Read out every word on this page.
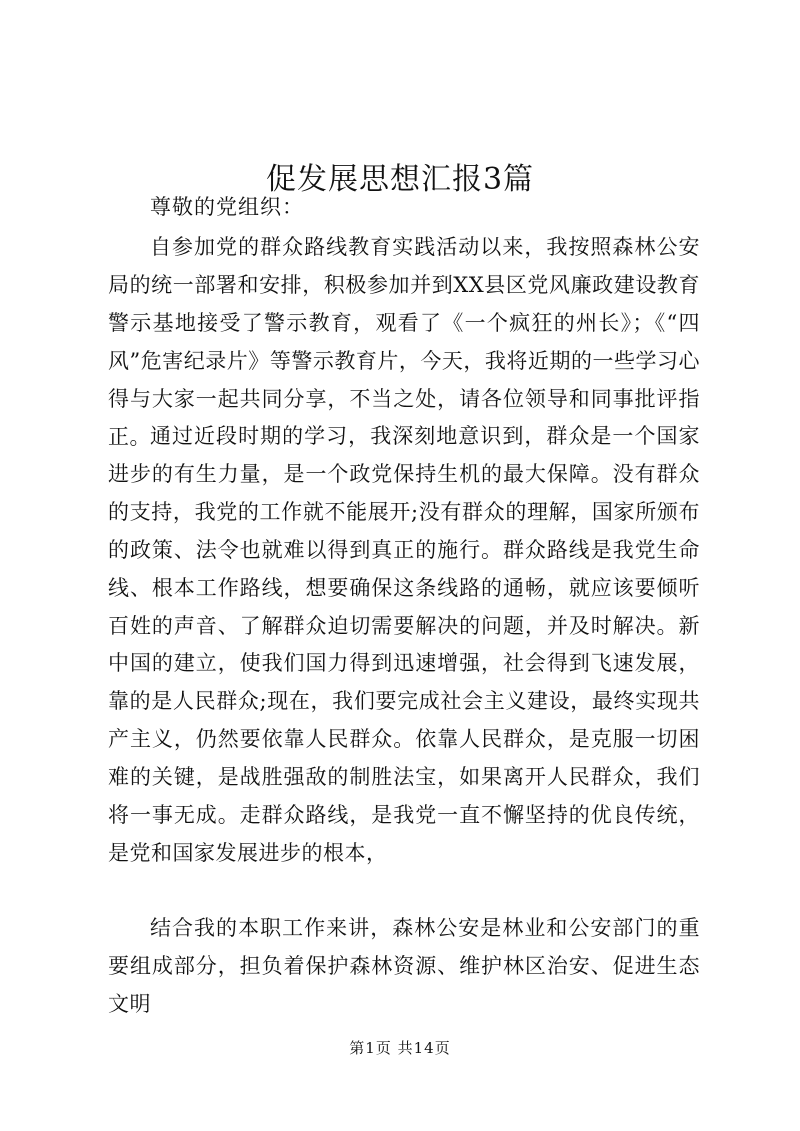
促发展思想汇报3篇
尊敬的党组织：

自参加党的群众路线教育实践活动以来，我按照森林公安局的统一部署和安排，积极参加并到XX县区党风廉政建设教育警示基地接受了警示教育，观看了《一个疯狂的州长》；《“四风”危害纪录片》等警示教育片，今天，我将近期的一些学习心得与大家一起共同分享，不当之处，请各位领导和同事批评指正。 通过近段时期的学习，我深刻地意识到，群众是一个国家进步的有生力量，是一个政党保持生机的最大保障。没有群众的支持，我党的工作就不能展开;没有群众的理解，国家所颁布的政策、法令也就难以得到真正的施行。群众路线是我党生命线、根本工作路线，想要确保这条线路的通畅，就应该要倾听百姓的声音、了解群众迫切需要解决的问题，并及时解决。新中国的建立，使我们国力得到迅速增强，社会得到飞速发展，靠的是人民群众;现在，我们要完成社会主义建设，最终实现共产主义，仍然要依靠人民群众。依靠人民群众，是克服一切困难的关键，是战胜强敌的制胜法宝，如果离开人民群众，我们将一事无成。走群众路线，是我党一直不懈坚持的优良传统，是党和国家发展进步的根本，

结合我的本职工作来讲，森林公安是林业和公安部门的重要组成部分，担负着保护森林资源、维护林区治安、促进生态文明

第1页 共14页
